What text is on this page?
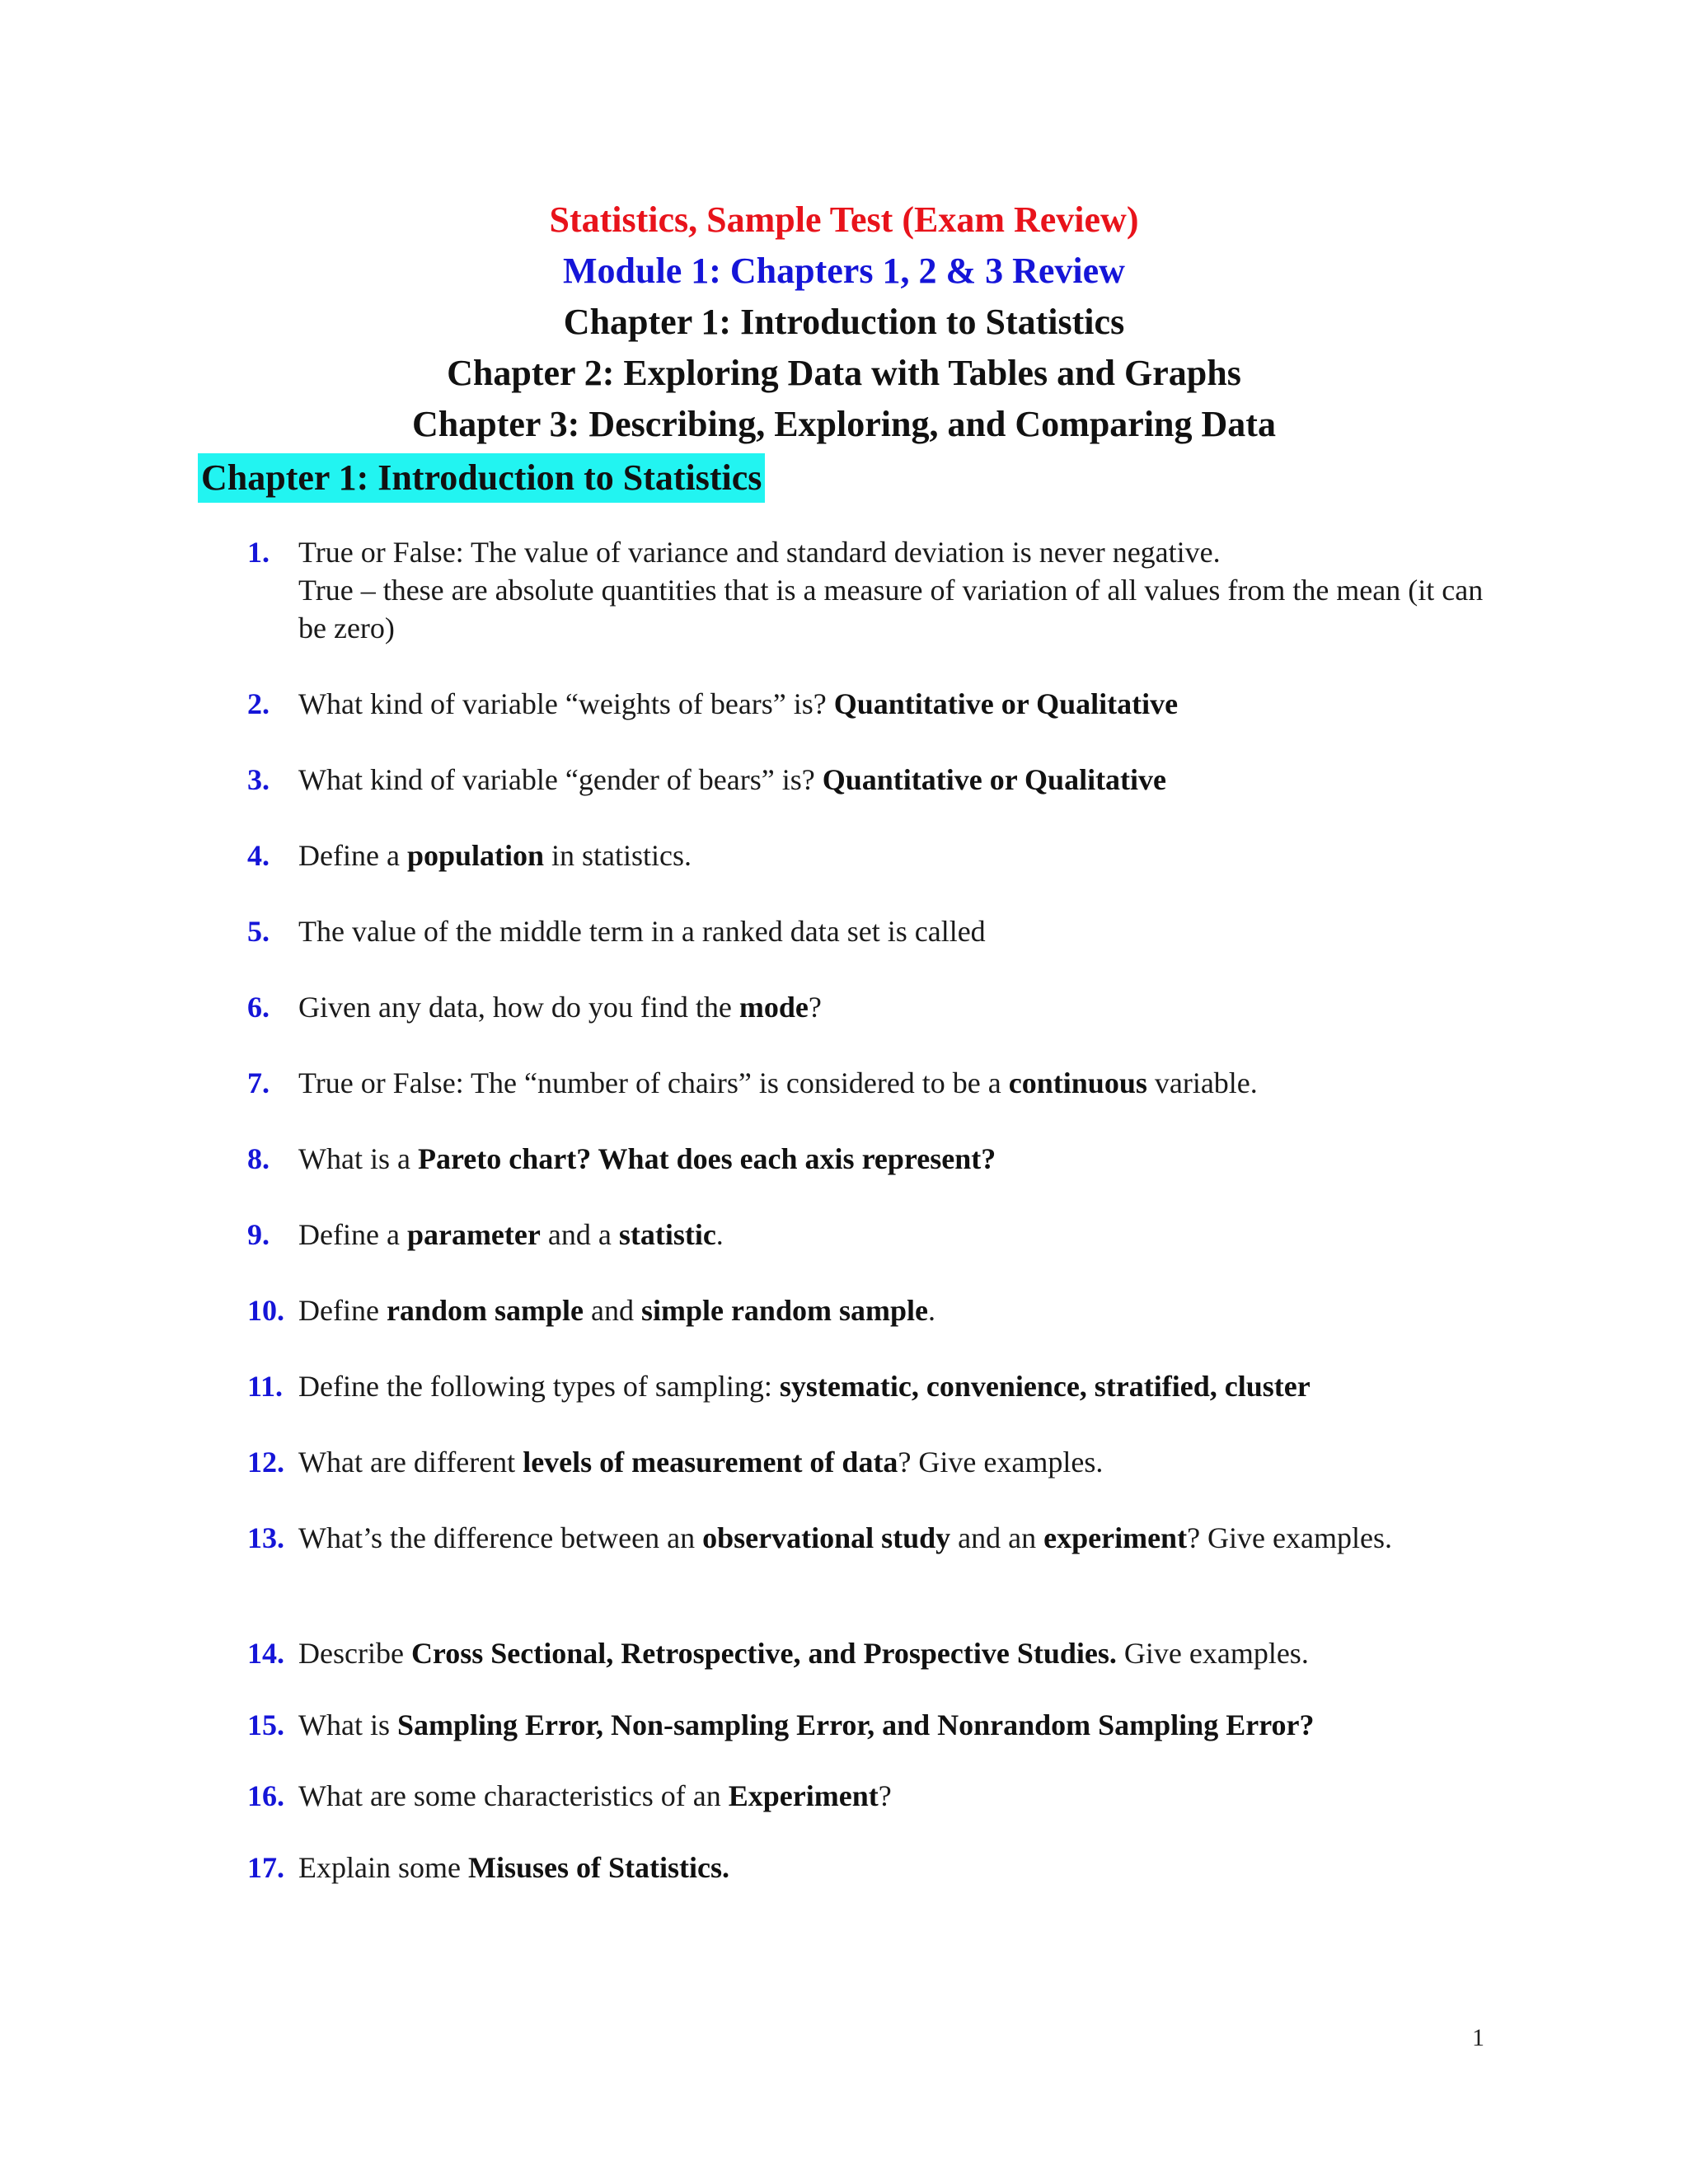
Statistics, Sample Test (Exam Review)
Module 1: Chapters 1, 2 & 3 Review
Chapter 1: Introduction to Statistics
Chapter 2: Exploring Data with Tables and Graphs
Chapter 3: Describing, Exploring, and Comparing Data
Chapter 1: Introduction to Statistics
1. True or False: The value of variance and standard deviation is never negative.
True – these are absolute quantities that is a measure of variation of all values from the mean (it can be zero)
2. What kind of variable “weights of bears” is? Quantitative or Qualitative
3. What kind of variable “gender of bears” is? Quantitative or Qualitative
4. Define a population in statistics.
5. The value of the middle term in a ranked data set is called
6. Given any data, how do you find the mode?
7. True or False: The “number of chairs” is considered to be a continuous variable.
8. What is a Pareto chart? What does each axis represent?
9. Define a parameter and a statistic.
10. Define random sample and simple random sample.
11. Define the following types of sampling: systematic, convenience, stratified, cluster
12. What are different levels of measurement of data? Give examples.
13. What’s the difference between an observational study and an experiment? Give examples.
14. Describe Cross Sectional, Retrospective, and Prospective Studies. Give examples.
15. What is Sampling Error, Non-sampling Error, and Nonrandom Sampling Error?
16. What are some characteristics of an Experiment?
17. Explain some Misuses of Statistics.
1
